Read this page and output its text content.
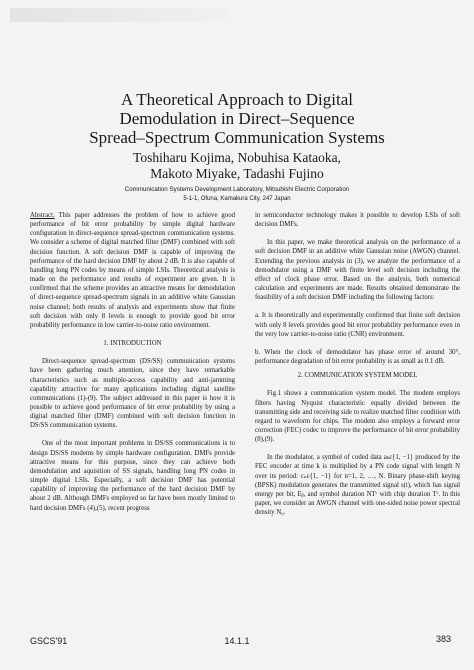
A Theoretical Approach to Digital

Demodulation in Direct–Sequence

Spread–Spectrum Communication Systems

Toshiharu Kojima, Nobuhisa Kataoka,
Makoto Miyake, Tadashi Fujino
Communication Systems Development Laboratory, Mitsubishi Electric Corporation
5-1-1, Ofuna, Kamakura City, 247 Japan

Abstract. This paper addresses the problem of how to achieve good performance of bit error probability by simple digital hardware configuration in direct-sequence spread-spectrum communication systems. We consider a scheme of digital matched filter (DMF) combined with soft decision function. A soft decision DMF is capable of improving the performance of the hard decision DMF by about 2 dB. It is also capable of handling long PN codes by means of simple LSIs. Theoretical analysis is made on the performance and results of experiment are given. It is confirmed that the scheme provides an attractive means for demodulation of direct-sequence spread-spectrum signals in an additive white Gaussian noise channel; both results of analysis and experiments show that finite soft decision with only 8 levels is enough to provide good bit error probability performance in low carrier-to-noise ratio environment.

1. INTRODUCTION

Direct-sequence spread-spectrum (DS/SS) communication systems have been gathering much attention, since they have remarkable characteristics such as multiple-access capability and anti-jamming capability attractive for many applications including digital satellite communications (1)-(9). The subject addressed in this paper is how it is possible to achieve good performance of bit error probability by using a digital matched filter (DMF) combined with soft decision function in DS/SS communication systems.

One of the most important problems in DS/SS communications is to design DS/SS modems by simple hardware configuration. DMFs provide attractive means for this purpose, since they can achieve both demodulation and aquisition of SS signals, handling long PN codes in simple digital LSIs. Especially, a soft decision DMF has potential capability of improving the performance of the hard decision DMF by about 2 dB. Although DMFs employed so far have been mostly limited to hard decision DMFs (4),(5), recent progress

in semiconductor technology makes it possible to develop LSIs of soft decision DMFs.

In this paper, we make theoretical analysis on the performance of a soft decision DMF in an additive white Gaussian noise (AWGN) channel. Extending the previous analysis in (3), we analyze the performance of a demodulator using a DMF with finite level soft decision including the effect of clock phase error. Based on the analysis, both numerical calculation and experiments are made. Results obtained demonstrate the feasibility of a soft decision DMF including the following factors:

a. It is theoretically and experimentally confirmed that finite soft decision with only 8 levels provides good bit error probability performance even in the very low carrier-to-noise ratio (CNR) environment.

b. When the clock of demodulator has phase error of around 30°, performance degradation of bit error probability is as small as 0.1 dB.

2. COMMUNICATION SYSTEM MODEL

Fig.1 shows a communication system model. The modem employs filters having Nyquist characteristic equally divided between the transmitting side and receiving side to realize matched filter condition with regard to waveform for chips. The modem also employs a forward error correction (FEC) codec to improve the performance of bit error probability (8),(9).

In the modulator, a symbol of coded data aₖε{1, −1} produced by the FEC encoder at time k is multiplied by a PN code signal with length N over its period: cₙε{1, −1} for n=1, 2, …, N. Binary phase-shift keying (BPSK) modulation generates the transmitted signal s(t), which has signal energy per bit, Eᵦ, and symbol duration NTᶜ with chip duration Tᶜ. In this paper, we consider an AWGN channel with one-sided noise power spectral density N₀.

GSCS'91	14.1.1	383
